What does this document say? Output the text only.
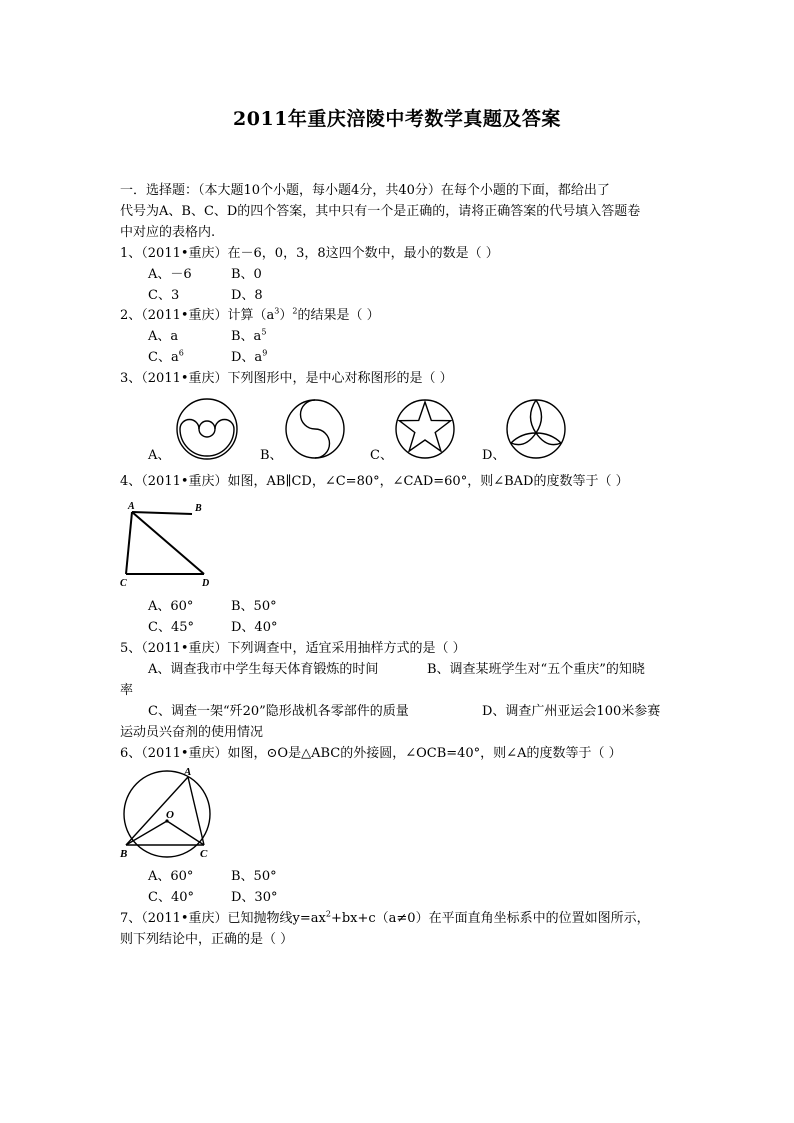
2011年重庆涪陵中考数学真题及答案
一．选择题：（本大题10个小题，每小题4分，共40分）在每个小题的下面，都给出了
代号为A、B、C、D的四个答案，其中只有一个是正确的，请将正确答案的代号填入答题卷
中对应的表格内.
1、（2011•重庆）在－6，0，3，8这四个数中，最小的数是（ ）
A、－6	B、0
C、3	D、8
2、（2011•重庆）计算$(a^3)^2$的结果是（ ）
A、a	B、$a^5$
C、$a^6$	D、$a^9$
3、（2011•重庆）下列图形中，是中心对称图形的是（ ）
A、	B、	C、	D、
4、（2011•重庆）如图，AB∥CD，∠C=80°，∠CAD=60°，则∠BAD的度数等于（ ）
A	B
C	D
A、60°	B、50°
C、45°	D、40°
5、（2011•重庆）下列调查中，适宜采用抽样方式的是（ ）
A、调查我市中学生每天体育锻炼的时间	B、调查某班学生对“五个重庆”的知晓
率
C、调查一架“歼20”隐形战机各零部件的质量	D、调查广州亚运会100米参赛
运动员兴奋剂的使用情况
6、（2011•重庆）如图，⊙O是△ABC的外接圆，∠OCB=40°，则∠A的度数等于（ ）
A
O
B	C
A、60°	B、50°
C、40°	D、30°
7、（2011•重庆）已知抛物线$y=ax^2+bx+c(a\ne 0)$在平面直角坐标系中的位置如图所示，
则下列结论中，正确的是（ ）
